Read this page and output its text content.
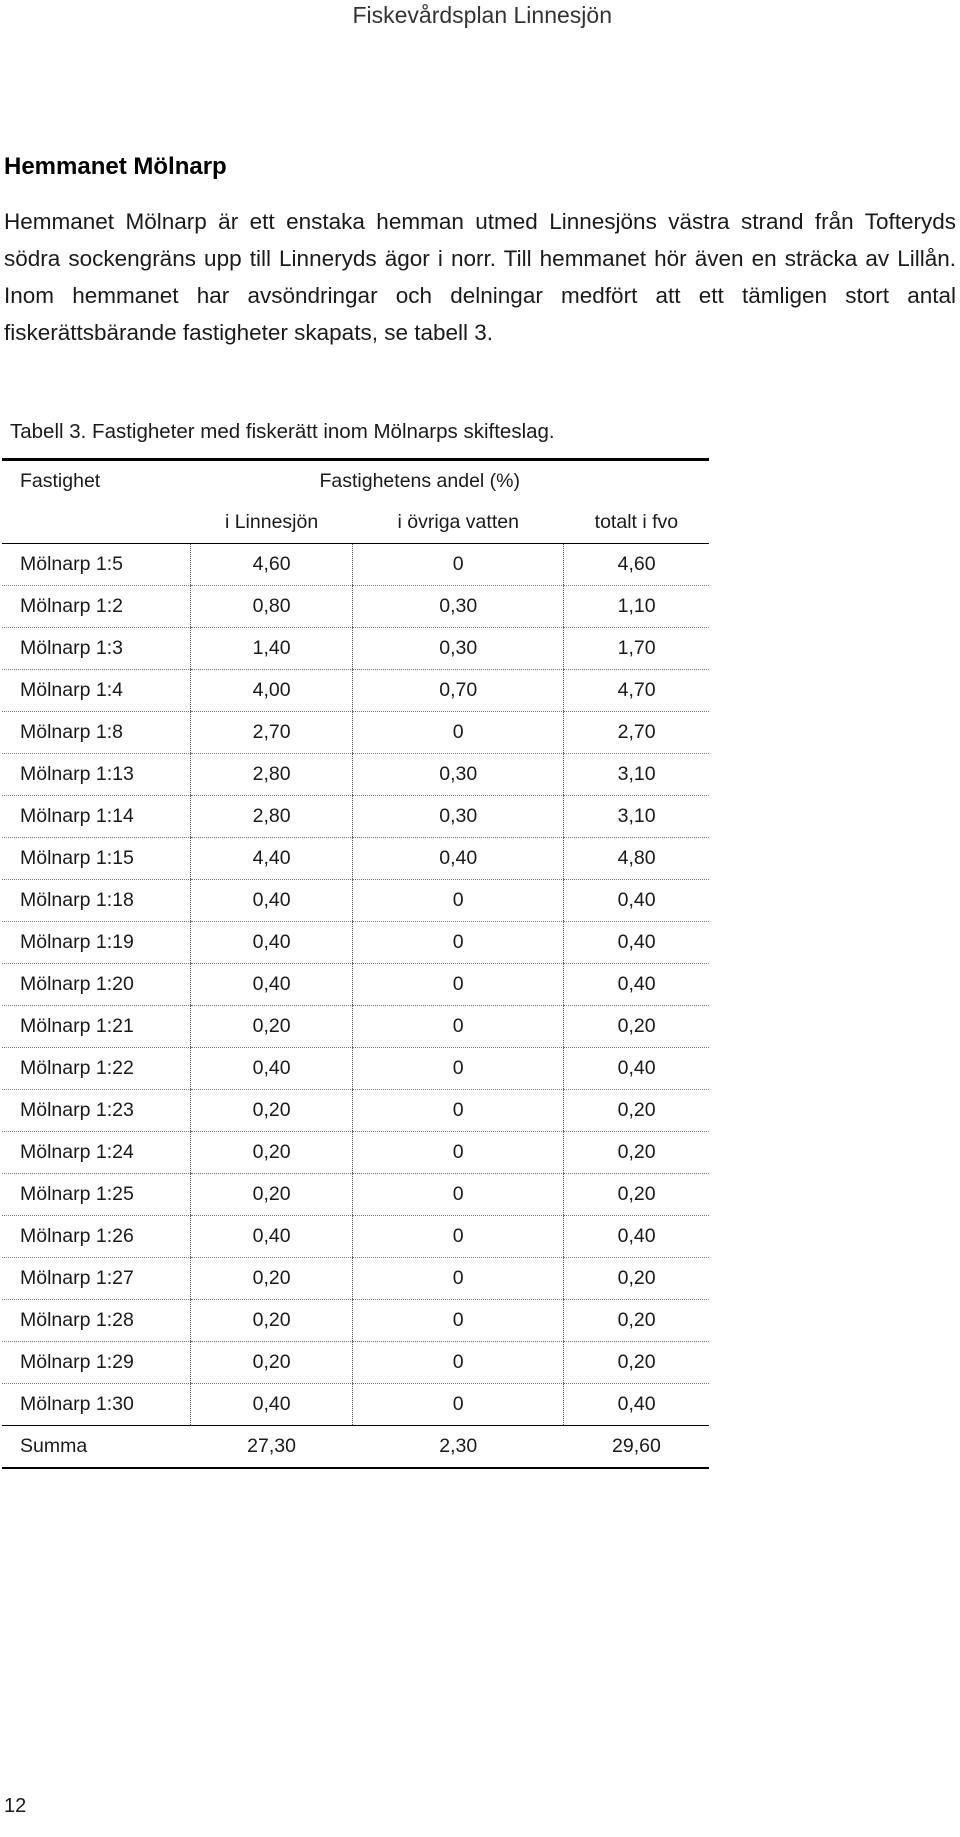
Fiskevårdsplan Linnesjön
Hemmanet Mölnarp

Hemmanet Mölnarp är ett enstaka hemman utmed Linnesjöns västra strand från Tofteryds södra sockengräns upp till Linneryds ägor i norr. Till hemmanet hör även en sträcka av Lillån. Inom hemmanet har avsöndringar och delningar medfört att ett tämligen stort antal fiskerättsbärande fastigheter skapats, se tabell 3.

Tabell 3. Fastigheter med fiskerätt inom Mölnarps skifteslag.

Fastighet	Fastighetens andel (%)		
	i Linnesjön	i övriga vatten	totalt i fvo
Mölnarp 1:5	4,60	0	4,60
Mölnarp 1:2	0,80	0,30	1,10
Mölnarp 1:3	1,40	0,30	1,70
Mölnarp 1:4	4,00	0,70	4,70
Mölnarp 1:8	2,70	0	2,70
Mölnarp 1:13	2,80	0,30	3,10
Mölnarp 1:14	2,80	0,30	3,10
Mölnarp 1:15	4,40	0,40	4,80
Mölnarp 1:18	0,40	0	0,40
Mölnarp 1:19	0,40	0	0,40
Mölnarp 1:20	0,40	0	0,40
Mölnarp 1:21	0,20	0	0,20
Mölnarp 1:22	0,40	0	0,40
Mölnarp 1:23	0,20	0	0,20
Mölnarp 1:24	0,20	0	0,20
Mölnarp 1:25	0,20	0	0,20
Mölnarp 1:26	0,40	0	0,40
Mölnarp 1:27	0,20	0	0,20
Mölnarp 1:28	0,20	0	0,20
Mölnarp 1:29	0,20	0	0,20
Mölnarp 1:30	0,40	0	0,40
Summa	27,30	2,30	29,60
12
